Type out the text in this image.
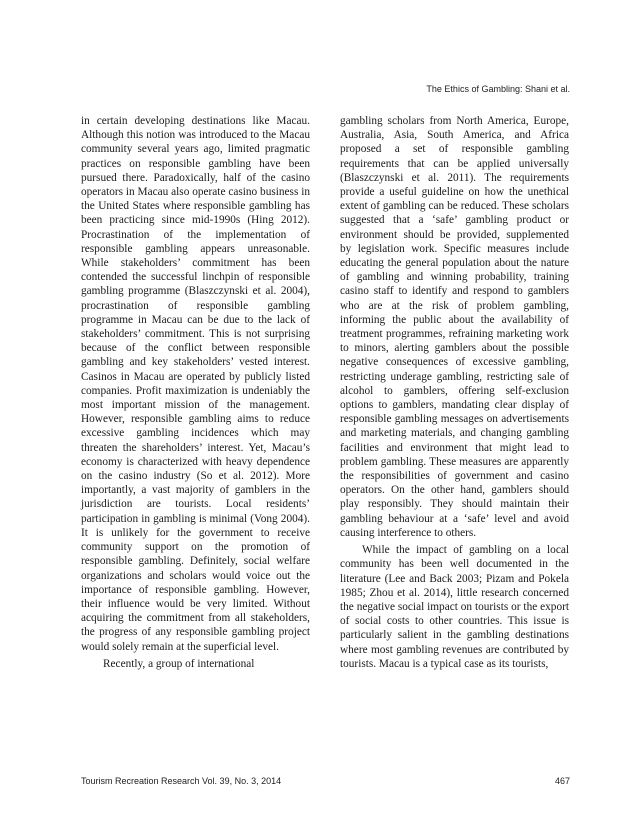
The Ethics of Gambling: Shani et al.

in certain developing destinations like Macau. Although this notion was introduced to the Macau community several years ago, limited pragmatic practices on responsible gambling have been pursued there. Paradoxically, half of the casino operators in Macau also operate casino business in the United States where responsible gambling has been practicing since mid-1990s (Hing 2012). Procrastination of the implementation of responsible gambling appears unreasonable. While stakeholders’ commitment has been contended the successful linchpin of responsible gambling programme (Blaszczynski et al. 2004), procrastination of responsible gambling programme in Macau can be due to the lack of stakeholders’ commitment. This is not surprising because of the conflict between responsible gambling and key stakeholders’ vested interest. Casinos in Macau are operated by publicly listed companies. Profit maximization is undeniably the most important mission of the management. However, responsible gambling aims to reduce excessive gambling incidences which may threaten the shareholders’ interest. Yet, Macau’s economy is characterized with heavy dependence on the casino industry (So et al. 2012). More importantly, a vast majority of gamblers in the jurisdiction are tourists. Local residents’ participation in gambling is minimal (Vong 2004). It is unlikely for the government to receive community support on the promotion of responsible gambling. Definitely, social welfare organizations and scholars would voice out the importance of responsible gambling. However, their influence would be very limited. Without acquiring the commitment from all stakeholders, the progress of any responsible gambling project would solely remain at the superficial level.

Recently, a group of international

gambling scholars from North America, Europe, Australia, Asia, South America, and Africa proposed a set of responsible gambling requirements that can be applied universally (Blaszczynski et al. 2011). The requirements provide a useful guideline on how the unethical extent of gambling can be reduced. These scholars suggested that a ‘safe’ gambling product or environment should be provided, supplemented by legislation work. Specific measures include educating the general population about the nature of gambling and winning probability, training casino staff to identify and respond to gamblers who are at the risk of problem gambling, informing the public about the availability of treatment programmes, refraining marketing work to minors, alerting gamblers about the possible negative consequences of excessive gambling, restricting underage gambling, restricting sale of alcohol to gamblers, offering self-exclusion options to gamblers, mandating clear display of responsible gambling messages on advertisements and marketing materials, and changing gambling facilities and environment that might lead to problem gambling. These measures are apparently the responsibilities of government and casino operators. On the other hand, gamblers should play responsibly. They should maintain their gambling behaviour at a ‘safe’ level and avoid causing interference to others.

While the impact of gambling on a local community has been well documented in the literature (Lee and Back 2003; Pizam and Pokela 1985; Zhou et al. 2014), little research concerned the negative social impact on tourists or the export of social costs to other countries. This issue is particularly salient in the gambling destinations where most gambling revenues are contributed by tourists. Macau is a typical case as its tourists,

Tourism Recreation Research Vol. 39, No. 3, 2014	467
